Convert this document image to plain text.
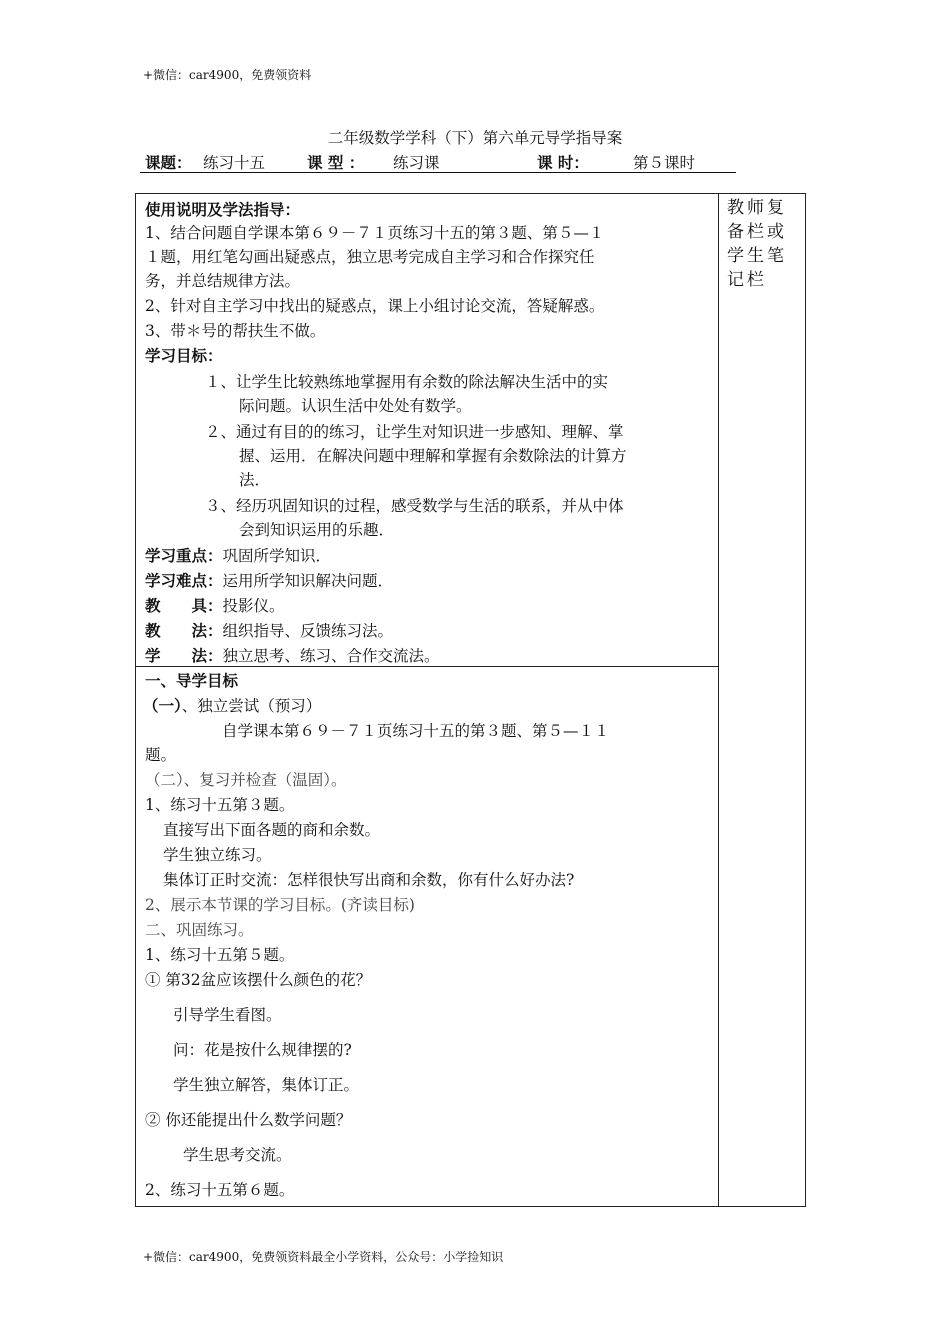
+微信：car4900，免费领资料
二年级数学学科（下）第六单元导学指导案
课题： 练习十五	课 型 ： 练习课	课 时：	第５课时
使用说明及学法指导：
1、结合问题自学课本第６９－７１页练习十五的第３题、第５—１
１题，用红笔勾画出疑惑点，独立思考完成自主学习和合作探究任
务，并总结规律方法。
2、针对自主学习中找出的疑惑点，课上小组讨论交流，答疑解惑。
3、带＊号的帮扶生不做。
学习目标：
１、让学生比较熟练地掌握用有余数的除法解决生活中的实
际问题。认识生活中处处有数学。
２、通过有目的的练习，让学生对知识进一步感知、理解、掌
握、运用．在解决问题中理解和掌握有余数除法的计算方
法．
３、经历巩固知识的过程，感受数学与生活的联系，并从中体
会到知识运用的乐趣．
学习重点：巩固所学知识．
学习难点：运用所学知识解决问题．
教　　具：投影仪。
教　　法：组织指导、反馈练习法。
学　　法：独立思考、练习、合作交流法。

教师复备栏或学生笔记栏

一、导学目标
（一）、独立尝试（预习）
自学课本第６９－７１页练习十五的第３题、第５—１１
题。
（二）、复习并检查（温固）。
1、练习十五第３题。
直接写出下面各题的商和余数。
学生独立练习。
集体订正时交流：怎样很快写出商和余数，你有什么好办法?
2、展示本节课的学习目标。(齐读目标)
二、巩固练习。
1、练习十五第５题。
① 第32盆应该摆什么颜色的花？
引导学生看图。
问：花是按什么规律摆的?
学生独立解答，集体订正。
② 你还能提出什么数学问题？
学生思考交流。
2、练习十五第６题。
+微信：car4900，免费领资料最全小学资料，公众号：小学捡知识
